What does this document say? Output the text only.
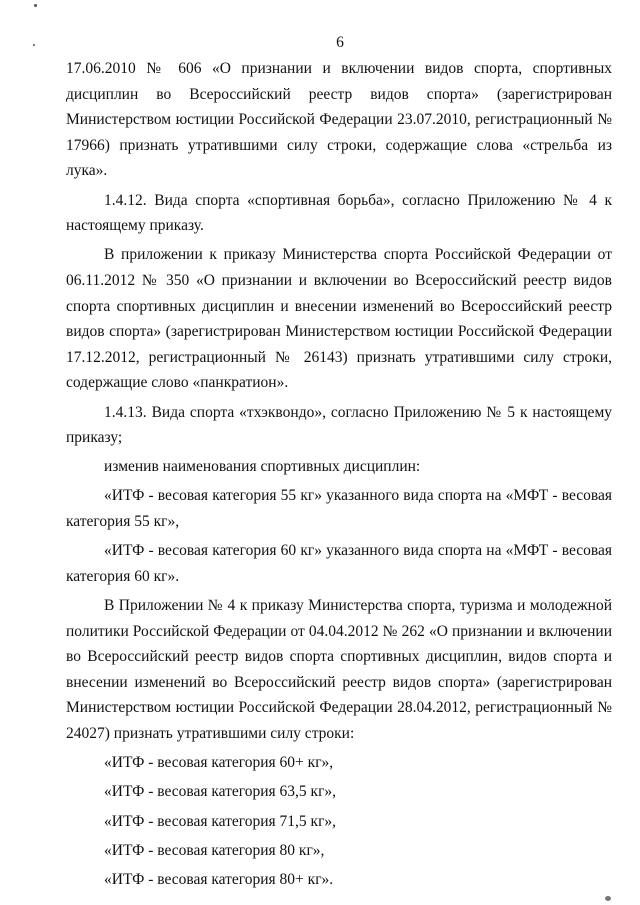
6

17.06.2010 № 606 «О признании и включении видов спорта, спортивных дисциплин во Всероссийский реестр видов спорта» (зарегистрирован Министерством юстиции Российской Федерации 23.07.2010, регистрационный № 17966) признать утратившими силу строки, содержащие слова «стрельба из лука».

1.4.12. Вида спорта «спортивная борьба», согласно Приложению № 4 к настоящему приказу.

В приложении к приказу Министерства спорта Российской Федерации от 06.11.2012 № 350 «О признании и включении во Всероссийский реестр видов спорта спортивных дисциплин и внесении изменений во Всероссийский реестр видов спорта» (зарегистрирован Министерством юстиции Российской Федерации 17.12.2012, регистрационный № 26143) признать утратившими силу строки, содержащие слово «панкратион».

1.4.13. Вида спорта «тхэквондо», согласно Приложению № 5 к настоящему приказу;

изменив наименования спортивных дисциплин:

«ИТФ - весовая категория 55 кг» указанного вида спорта на «МФТ - весовая категория 55 кг»,

«ИТФ - весовая категория 60 кг» указанного вида спорта на «МФТ - весовая категория 60 кг».

В Приложении № 4 к приказу Министерства спорта, туризма и молодежной политики Российской Федерации от 04.04.2012 № 262 «О признании и включении во Всероссийский реестр видов спорта спортивных дисциплин, видов спорта и внесении изменений во Всероссийский реестр видов спорта» (зарегистрирован Министерством юстиции Российской Федерации 28.04.2012, регистрационный № 24027) признать утратившими силу строки:

«ИТФ - весовая категория 60+ кг»,

«ИТФ - весовая категория 63,5 кг»,

«ИТФ - весовая категория 71,5 кг»,

«ИТФ - весовая категория 80 кг»,

«ИТФ - весовая категория 80+ кг».
